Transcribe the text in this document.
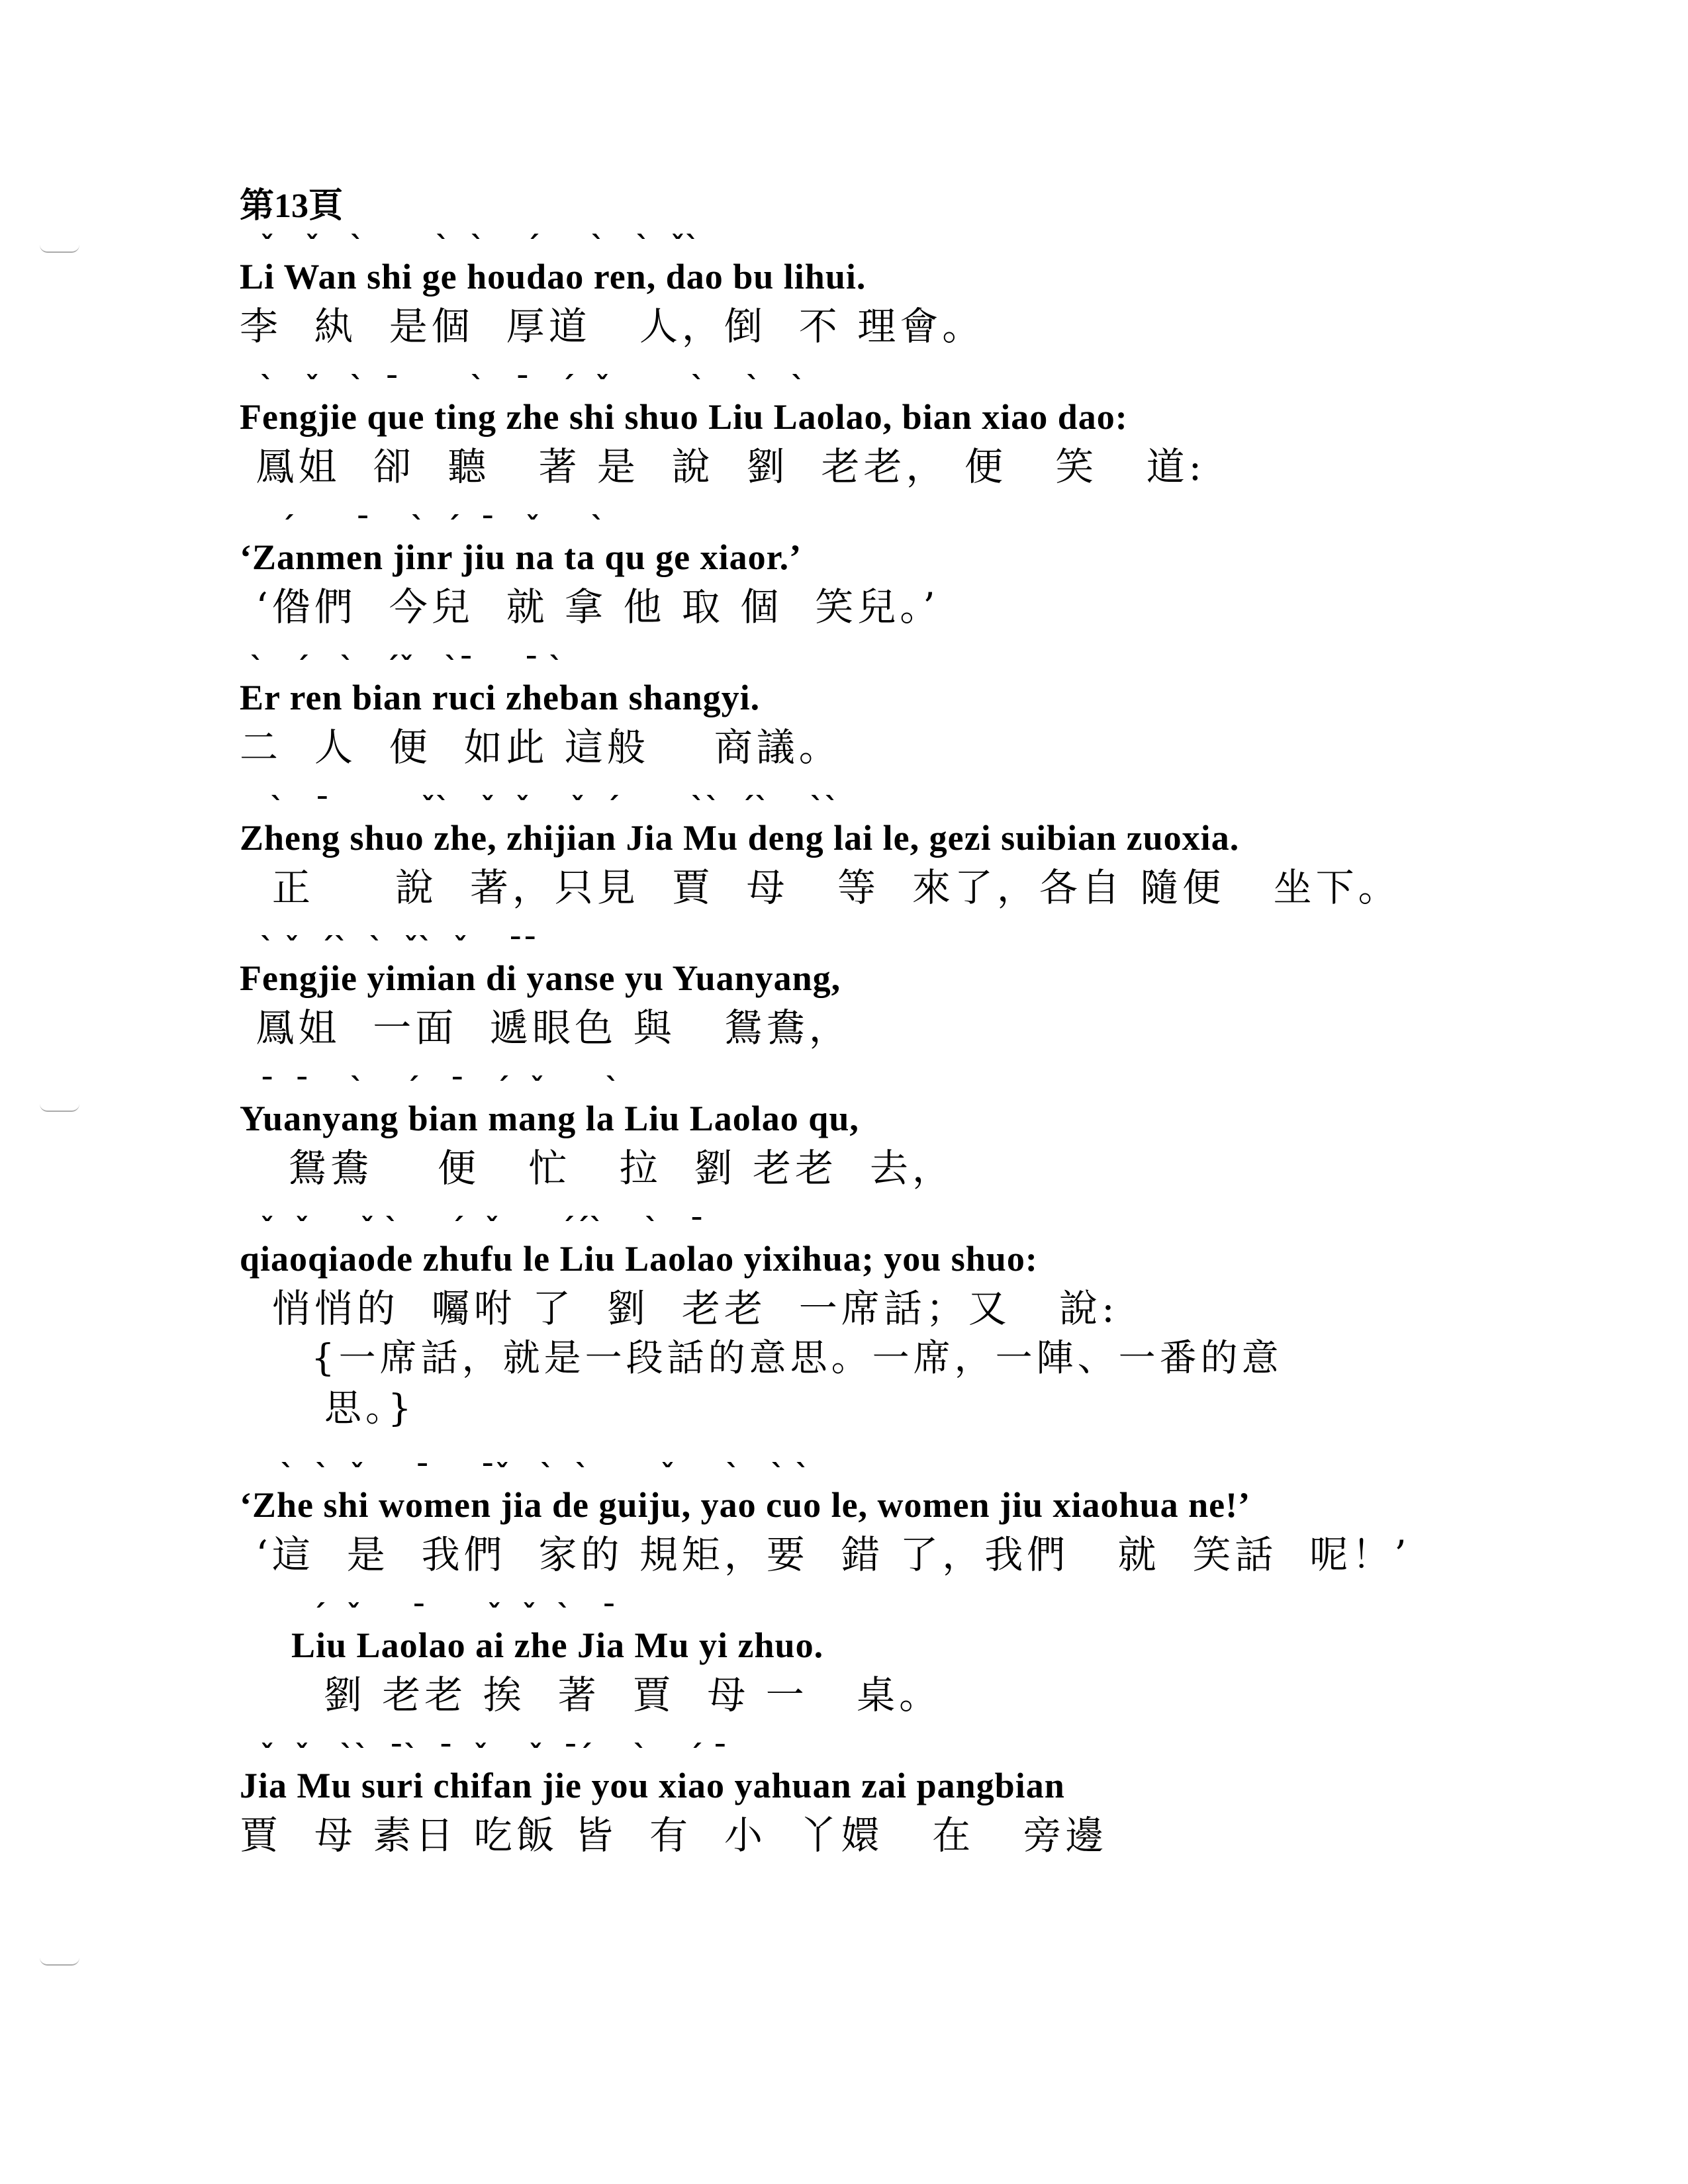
第13頁
ˇ   ˇ   ˋ       ˋ  ˋ    ˊ     ˋ   ˋ  ˇˋ
Li Wan shi ge houdao ren, dao bu lihui.
李  紈  是個  厚道   人，倒  不 理會。
ˋ   ˇ   ˋ  ˉ       ˋ   ˉ   ˊ  ˇ        ˋ    ˋ   ˋ
Fengjie que ting zhe shi shuo Liu Laolao, bian xiao dao:
鳳姐  卻  聽   著 是  說  劉  老老， 便   笑   道:
ˊ      ˉ    ˋ  ˊ  ˉ   ˇ     ˋ
‘Zanmen jinr jiu na ta qu ge xiaor.’
‘偺們  今兒  就 拿 他 取 個  笑兒。’
ˋ   ˊ   ˋ   ˊˇ   ˋˉ     ˉ ˋ
Er ren bian ruci zheban shangyi.
二  人  便  如此 這般    商議。
ˋ   ˉ         ˇˋ   ˇ  ˇ    ˇ  ˊ       ˋˋ  ˊˋ    ˋˋ
Zheng shuo zhe, zhijian Jia Mu deng lai le, gezi suibian zuoxia.
正     說  著，只見  賈  母   等  來了，各自 隨便   坐下。
ˋ ˇ  ˊˋ  ˋ  ˇˋ  ˇ    ˉˉ
Fengjie yimian di yanse yu Yuanyang,
鳳姐  一面  遞眼色 與   鴛鴦，
ˉ  ˉ    ˋ    ˊ   ˉ   ˊ  ˇ      ˋ
Yuanyang bian mang la Liu Laolao qu,
鴛鴦    便   忙   拉  劉 老老  去，
ˇ  ˇ     ˇ ˋ     ˊ  ˇ      ˊˊˋ    ˋ   ˉ
qiaoqiaode zhufu le Liu Laolao yixihua; you shuo:
悄悄的  囑咐 了  劉  老老  一席話；又   說:
{一席話，就是一段話的意思。一席，一陣、一番的意
思。}
ˋ  ˋ  ˇ     ˉ     ˉˇ   ˋ  ˋ       ˇ     ˋ   ˋ ˋ
‘Zhe shi women jia de guiju, yao cuo le, women jiu xiaohua ne!’
‘這  是  我們  家的 規矩，要  錯 了，我們   就  笑話  呢！’
ˊ  ˇ     ˉ      ˇ  ˇ  ˋ   ˉ
Liu Laolao ai zhe Jia Mu yi zhuo.
劉 老老 挨  著  賈  母 一   桌。
ˇ  ˇ   ˋˋ  ˉˋ  ˉ  ˇ    ˇ  ˉˊ    ˋ    ˊ ˉ
Jia Mu suri chifan jie you xiao yahuan zai pangbian
賈  母 素日 吃飯 皆  有  小  丫嬛   在   旁邊
